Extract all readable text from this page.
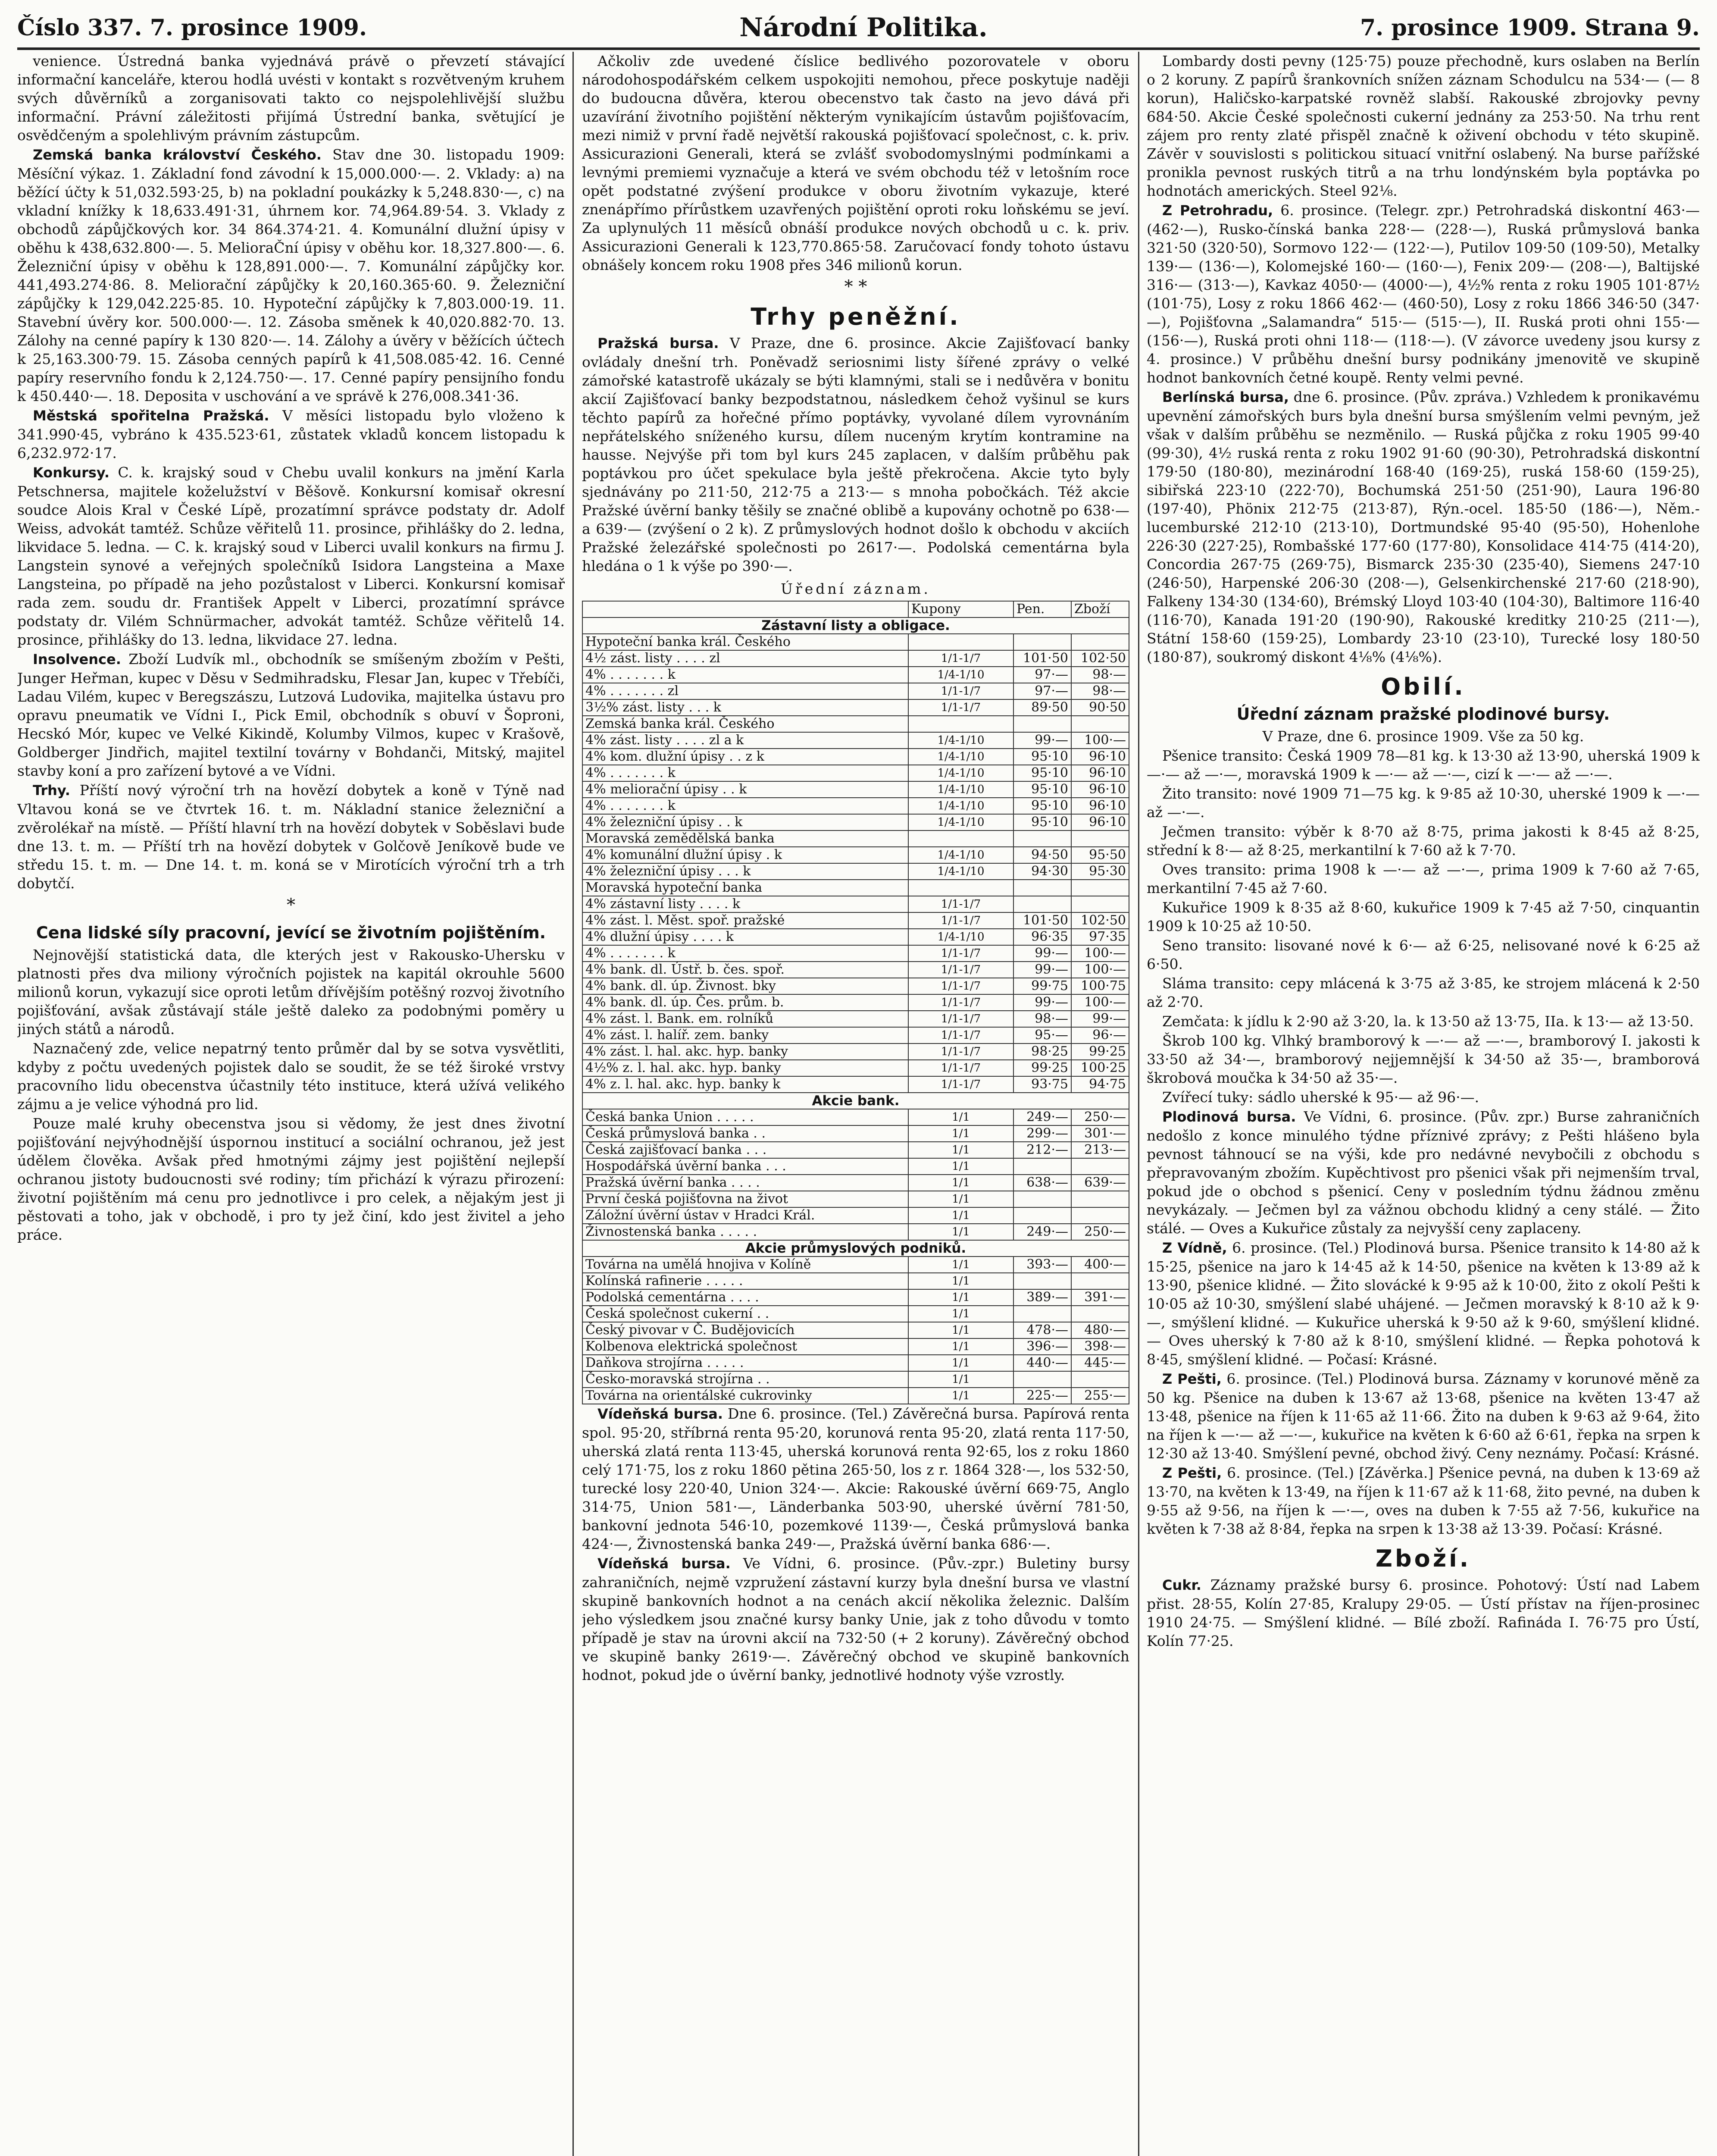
Číslo 337. 7. prosince 1909.	Národní Politika.	7. prosince 1909. Strana 9.

venience. Ústredná banka vyjednává právě o převzetí stávající informační kanceláře, kterou hodlá uvésti v kontakt s rozvětveným kruhem svých důvěrníků a zorganisovati takto co nejspolehlivější službu informační. Právní záležitosti přijímá Ústrední banka, světující je osvědčeným a spolehlivým právním zástupcům.

Zemská banka království Českého. Stav dne 30. listopadu 1909: Měsíční výkaz. 1. Základní fond závodní k 15,000.000·—. 2. Vklady: a) na běžící účty k 51,032.593·25, b) na pokladní poukázky k 5,248.830·—, c) na vkladní knížky k 18,633.491·31, úhrnem kor. 74,964.89·54. 3. Vklady z obchodů zápůjčkových kor. 34 864.374·21. 4. Komunální dlužní úpisy v oběhu k 438,632.800·—. 5. MelioraČní úpisy v oběhu kor. 18,327.800·—. 6. Železniční úpisy v oběhu k 128,891.000·—. 7. Komunální zápůjčky kor. 441,493.274·86. 8. Meliorační zápůjčky k 20,160.365·60. 9. Železniční zápůjčky k 129,042.225·85. 10. Hypoteční zápůjčky k 7,803.000·19. 11. Stavební úvěry kor. 500.000·—. 12. Zásoba směnek k 40,020.882·70. 13. Zálohy na cenné papíry k 130 820·—. 14. Zálohy a úvěry v běžících účtech k 25,163.300·79. 15. Zásoba cenných papírů k 41,508.085·42. 16. Cenné papíry reservního fondu k 2,124.750·—. 17. Cenné papíry pensijního fondu k 450.440·—. 18. Deposita v uschování a ve správě k 276,008.341·36.

Městská spořitelna Pražská. V měsíci listopadu bylo vloženo k 341.990·45, vybráno k 435.523·61, zůstatek vkladů koncem listopadu k 6,232.972·17.

Konkursy. C. k. krajský soud v Chebu uvalil konkurs na jmění Karla Petschnersa, majitele koželužství v Běšově. Konkursní komisař okresní soudce Alois Kral v České Lípě, prozatímní správce podstaty dr. Adolf Weiss, advokát tamtéž. Schůze věřitelů 11. prosince, přihlášky do 2. ledna, likvidace 5. ledna. — C. k. krajský soud v Liberci uvalil konkurs na firmu J. Langstein synové a veřejných společníků Isidora Langsteina a Maxe Langsteina, po případě na jeho pozůstalost v Liberci. Konkursní komisař rada zem. soudu dr. František Appelt v Liberci, prozatímní správce podstaty dr. Vilém Schnürmacher, advokát tamtéž. Schůze věřitelů 14. prosince, přihlášky do 13. ledna, likvidace 27. ledna.

Insolvence. Zboží Ludvík ml., obchodník se smíšeným zbožím v Pešti, Junger Heřman, kupec v Děsu v Sedmihradsku, Flesar Jan, kupec v Třebíči, Ladau Vilém, kupec v Beregszászu, Lutzová Ludovika, majitelka ústavu pro opravu pneumatik ve Vídni I., Pick Emil, obchodník s obuví v Šoproni, Hecskó Mór, kupec ve Velké Kikindě, Kolumby Vilmos, kupec v Krašově, Goldberger Jindřich, majitel textilní továrny v Bohdanči, Mitský, majitel stavby koní a pro zařízení bytové a ve Vídni.

Trhy. Příští nový výroční trh na hovězí dobytek a koně v Týně nad Vltavou koná se ve čtvrtek 16. t. m. Nákladní stanice železniční a zvěrolékař na místě. — Příští hlavní trh na hovězí dobytek v Soběslavi bude dne 13. t. m. — Příští trh na hovězí dobytek v Golčově Jeníkově bude ve středu 15. t. m. — Dne 14. t. m. koná se v Mirotících výroční trh a trh dobytčí.

*
Cena lidské síly pracovní, jevící se životním pojištěním.

Nejnovější statistická data, dle kterých jest v Rakousko-Uhersku v platnosti přes dva miliony výročních pojistek na kapitál okrouhle 5600 milionů korun, vykazují sice oproti letům dřívějším potěšný rozvoj životního pojišťování, avšak zůstávají stále ještě daleko za podobnými poměry u jiných států a národů.

Naznačený zde, velice nepatrný tento průměr dal by se sotva vysvětliti, kdyby z počtu uvedených pojistek dalo se soudit, že se též široké vrstvy pracovního lidu obecenstva účastnily této instituce, která užívá velikého zájmu a je velice výhodná pro lid.

Pouze malé kruhy obecenstva jsou si vědomy, že jest dnes životní pojišťování nejvýhodnější úspornou institucí a sociální ochranou, jež jest údělem člověka. Avšak před hmotnými zájmy jest pojištění nejlepší ochranou jistoty budoucnosti své rodiny; tím přichází k výrazu přirození: životní pojištěním má cenu pro jednotlivce i pro celek, a nějakým jest ji pěstovati a toho, jak v obchodě, i pro ty jež činí, kdo jest živitel a jeho práce.

Ačkoliv zde uvedené číslice bedlivého pozorovatele v oboru národohospodářském celkem uspokojiti nemohou, přece poskytuje naději do budoucna důvěra, kterou obecenstvo tak často na jevo dává při uzavírání životního pojištění některým vynikajícím ústavům pojišťovacím, mezi nimiž v první řadě největší rakouská pojišťovací společnost, c. k. priv. Assicurazioni Generali, která se zvlášť svobodomyslnými podmínkami a levnými premiemi vyznačuje a která ve svém obchodu též v letošním roce opět podstatné zvýšení produkce v oboru životním vykazuje, které znenápřímo přírůstkem uzavřených pojištění oproti roku loňskému se jeví. Za uplynulých 11 měsíců obnáší produkce nových obchodů u c. k. priv. Assicurazioni Generali k 123,770.865·58. Zaručovací fondy tohoto ústavu obnášely koncem roku 1908 přes 346 milionů korun.

* *
Trhy peněžní.

Pražská bursa. V Praze, dne 6. prosince. Akcie Zajišťovací banky ovládaly dnešní trh. Poněvadž seriosnimi listy šířené zprávy o velké zámořské katastrofě ukázaly se býti klamnými, stali se i nedůvěra v bonitu akcií Zajišťovací banky bezpodstatnou, následkem čehož vyšinul se kurs těchto papírů za hořečné přímo poptávky, vyvolané dílem vyrovnáním nepřátelského sníženého kursu, dílem nuceným krytím kontramine na hausse. Nejvýše při tom byl kurs 245 zaplacen, v dalším průběhu pak poptávkou pro účet spekulace byla ještě překročena. Akcie tyto byly sjednávány po 211·50, 212·75 a 213·— s mnoha pobočkách. Též akcie Pražské úvěrní banky těšily se značné oblibě a kupovány ochotně po 638·— a 639·— (zvýšení o 2 k). Z průmyslových hodnot došlo k obchodu v akciích Pražské železářské společnosti po 2617·—. Podolská cementárna byla hledána o 1 k výše po 390·—.

Úřední záznam.
	Kupony	Pen.	Zboží
Zástavní listy a obligace.			
Hypoteční banka král. Českého			
4½ zást. listy . . . . zl	1/1-1/7	101·50	102·50
4% . . . . . . . k	1/4-1/10	97·—	98·—
4% . . . . . . . zl	1/1-1/7	97·—	98·—
3½% zást. listy . . . k	1/1-1/7	89·50	90·50
Zemská banka král. Českého			
4% zást. listy . . . . zl a k	1/4-1/10	99·—	100·—
4% kom. dlužní úpisy . . z k	1/4-1/10	95·10	96·10
4% . . . . . . . k	1/4-1/10	95·10	96·10
4% meliorační úpisy . . k	1/4-1/10	95·10	96·10
4% . . . . . . . k	1/4-1/10	95·10	96·10
4% železniční úpisy . . k	1/4-1/10	95·10	96·10
Moravská zemědělská banka			
4% komunální dlužní úpisy . k	1/4-1/10	94·50	95·50
4% železniční úpisy . . . k	1/4-1/10	94·30	95·30
Moravská hypoteční banka			
4% zástavní listy . . . . k	1/1-1/7		
4% zást. l. Měst. spoř. pražské	1/1-1/7	101·50	102·50
4% dlužní úpisy . . . . k	1/4-1/10	96·35	97·35
4% . . . . . . . k	1/1-1/7	99·—	100·—
4% bank. dl. Ústř. b. čes. spoř.	1/1-1/7	99·—	100·—
4% bank. dl. úp. Živnost. bky	1/1-1/7	99·75	100·75
4% bank. dl. úp. Čes. prům. b.	1/1-1/7	99·—	100·—
4% zást. l. Bank. em. rolníků	1/1-1/7	98·—	99·—
4% zást. l. halíř. zem. banky	1/1-1/7	95·—	96·—
4% zást. l. hal. akc. hyp. banky	1/1-1/7	98·25	99·25
4½% z. l. hal. akc. hyp. banky	1/1-1/7	99·25	100·25
4% z. l. hal. akc. hyp. banky k	1/1-1/7	93·75	94·75
Akcie bank.			
Česká banka Union . . . . .	1/1	249·—	250·—
Česká průmyslová banka . .	1/1	299·—	301·—
Česká zajišťovací banka . . .	1/1	212·—	213·—
Hospodářská úvěrní banka . . .	1/1		
Pražská úvěrní banka . . . .	1/1	638·—	639·—
První česká pojišťovna na život	1/1		
Záložní úvěrní ústav v Hradci Král.	1/1		
Živnostenská banka . . . . .	1/1	249·—	250·—
Akcie průmyslových podniků.			
Továrna na umělá hnojiva v Kolíně	1/1	393·—	400·—
Kolínská rafinerie . . . . .	1/1		
Podolská cementárna . . . .	1/1	389·—	391·—
Česká společnost cukerní . .	1/1		
Český pivovar v Č. Budějovicích	1/1	478·—	480·—
Kolbenova elektrická společnost	1/1	396·—	398·—
Daňkova strojírna . . . . .	1/1	440·—	445·—
Česko-moravská strojírna . .	1/1		
Továrna na orientálské cukrovinky	1/1	225·—	255·—

Vídeňská bursa. Dne 6. prosince. (Tel.) Závěrečná bursa. Papírová renta spol. 95·20, stříbrná renta 95·20, korunová renta 95·20, zlatá renta 117·50, uherská zlatá renta 113·45, uherská korunová renta 92·65, los z roku 1860 celý 171·75, los z roku 1860 pětina 265·50, los z r. 1864 328·—, los 532·50, turecké losy 220·40, Union 324·—. Akcie: Rakouské úvěrní 669·75, Anglo 314·75, Union 581·—, Länderbanka 503·90, uherské úvěrní 781·50, bankovní jednota 546·10, pozemkové 1139·—, Česká průmyslová banka 424·—, Živnostenská banka 249·—, Pražská úvěrní banka 686·—.

Vídeňská bursa. Ve Vídni, 6. prosince. (Pův.-zpr.) Buletiny bursy zahraničních, nejmě vzpružení zástavní kurzy byla dnešní bursa ve vlastní skupině bankovních hodnot a na cenách akcií několika železnic. Dalším jeho výsledkem jsou značné kursy banky Unie, jak z toho důvodu v tomto případě je stav na úrovni akcií na 732·50 (+ 2 koruny). Závěrečný obchod ve skupině banky 2619·—. Závěrečný obchod ve skupině bankovních hodnot, pokud jde o úvěrní banky, jednotlivé hodnoty výše vzrostly.

Lombardy dosti pevny (125·75) pouze přechodně, kurs oslaben na Berlín o 2 koruny. Z papírů šrankovních snížen záznam Schodulcu na 534·— (— 8 korun), Haličsko-karpatské rovněž slabší. Rakouské zbrojovky pevny 684·50. Akcie České společnosti cukerní jednány za 253·50. Na trhu rent zájem pro renty zlaté přispěl značně k oživení obchodu v této skupině. Závěr v souvislosti s politickou situací vnitřní oslabený. Na burse pařížské pronikla pevnost ruských titrů a na trhu londýnském byla poptávka po hodnotách amerických. Steel 92⅛.

Z Petrohradu, 6. prosince. (Telegr. zpr.) Petrohradská diskontní 463·— (462·—), Rusko-čínská banka 228·— (228·—), Ruská průmyslová banka 321·50 (320·50), Sormovo 122·— (122·—), Putilov 109·50 (109·50), Metalky 139·— (136·—), Kolomejské 160·— (160·—), Fenix 209·— (208·—), Baltijské 316·— (313·—), Kavkaz 4050·— (4000·—), 4½% renta z roku 1905 101·87½ (101·75), Losy z roku 1866 462·— (460·50), Losy z roku 1866 346·50 (347·—), Pojišťovna „Salamandra“ 515·— (515·—), II. Ruská proti ohni 155·— (156·—), Ruská proti ohni 118·— (118·—). (V závorce uvedeny jsou kursy z 4. prosince.) V průběhu dnešní bursy podnikány jmenovitě ve skupině hodnot bankovních četné koupě. Renty velmi pevné.

Berlínská bursa, dne 6. prosince. (Pův. zpráva.) Vzhledem k pronikavému upevnění zámořských burs byla dnešní bursa smýšlením velmi pevným, jež však v dalším průběhu se nezměnilo. — Ruská půjčka z roku 1905 99·40 (99·30), 4½ ruská renta z roku 1902 91·60 (90·30), Petrohradská diskontní 179·50 (180·80), mezinárodní 168·40 (169·25), ruská 158·60 (159·25), sibiřská 223·10 (222·70), Bochumská 251·50 (251·90), Laura 196·80 (197·40), Phönix 212·75 (213·87), Rýn.-ocel. 185·50 (186·—), Něm.-lucemburské 212·10 (213·10), Dortmundské 95·40 (95·50), Hohenlohe 226·30 (227·25), Rombašské 177·60 (177·80), Konsolidace 414·75 (414·20), Concordia 267·75 (269·75), Bismarck 235·30 (235·40), Siemens 247·10 (246·50), Harpenské 206·30 (208·—), Gelsenkirchenské 217·60 (218·90), Falkeny 134·30 (134·60), Brémský Lloyd 103·40 (104·30), Baltimore 116·40 (116·70), Kanada 191·20 (190·90), Rakouské kreditky 210·25 (211·—), Státní 158·60 (159·25), Lombardy 23·10 (23·10), Turecké losy 180·50 (180·87), soukromý diskont 4⅛% (4⅛%).

Obilí.
Úřední záznam pražské plodinové bursy.

V Praze, dne 6. prosince 1909. Vše za 50 kg.

Pšenice transito: Česká 1909 78—81 kg. k 13·30 až 13·90, uherská 1909 k —·— až —·—, moravská 1909 k —·— až —·—, cizí k —·— až —·—.

Žito transito: nové 1909 71—75 kg. k 9·85 až 10·30, uherské 1909 k —·— až —·—.

Ječmen transito: výběr k 8·70 až 8·75, prima jakosti k 8·45 až 8·25, střední k 8·— až 8·25, merkantilní k 7·60 až k 7·70.

Oves transito: prima 1908 k —·— až —·—, prima 1909 k 7·60 až 7·65, merkantilní 7·45 až 7·60.

Kukuřice 1909 k 8·35 až 8·60, kukuřice 1909 k 7·45 až 7·50, cinquantin 1909 k 10·25 až 10·50.

Seno transito: lisované nové k 6·— až 6·25, nelisované nové k 6·25 až 6·50.

Sláma transito: cepy mlácená k 3·75 až 3·85, ke strojem mlácená k 2·50 až 2·70.

Zemčata: k jídlu k 2·90 až 3·20, la. k 13·50 až 13·75, IIa. k 13·— až 13·50.

Škrob 100 kg. Vlhký bramborový k —·— až —·—, bramborový I. jakosti k 33·50 až 34·—, bramborový nejjemnější k 34·50 až 35·—, bramborová škrobová moučka k 34·50 až 35·—.

Zvířecí tuky: sádlo uherské k 95·— až 96·—.

Plodinová bursa. Ve Vídni, 6. prosince. (Pův. zpr.) Burse zahraničních nedošlo z konce minulého týdne příznivé zprávy; z Pešti hlášeno byla pevnost táhnoucí se na výši, kde pro nedávné nevybočili z obchodu s přepravovaným zbožím. Kupěchtivost pro pšenici však při nejmenším trval, pokud jde o obchod s pšenicí. Ceny v posledním týdnu žádnou změnu nevykázaly. — Ječmen byl za vážnou obchodu klidný a ceny stálé. — Žito stálé. — Oves a Kukuřice zůstaly za nejvyšší ceny zaplaceny.

Z Vídně, 6. prosince. (Tel.) Plodinová bursa. Pšenice transito k 14·80 až k 15·25, pšenice na jaro k 14·45 až k 14·50, pšenice na květen k 13·89 až k 13·90, pšenice klidné. — Žito slovácké k 9·95 až k 10·00, žito z okolí Pešti k 10·05 až 10·30, smýšlení slabé uhájené. — Ječmen moravský k 8·10 až k 9·—, smýšlení klidné. — Kukuřice uherská k 9·50 až k 9·60, smýšlení klidné. — Oves uherský k 7·80 až k 8·10, smýšlení klidné. — Řepka pohotová k 8·45, smýšlení klidné. — Počasí: Krásné.

Z Pešti, 6. prosince. (Tel.) Plodinová bursa. Záznamy v korunové měně za 50 kg. Pšenice na duben k 13·67 až 13·68, pšenice na květen 13·47 až 13·48, pšenice na říjen k 11·65 až 11·66. Žito na duben k 9·63 až 9·64, žito na říjen k —·— až —·—, kukuřice na květen k 6·60 až 6·61, řepka na srpen k 12·30 až 13·40. Smýšlení pevné, obchod živý. Ceny neznámy. Počasí: Krásné.

Z Pešti, 6. prosince. (Tel.) [Závěrka.] Pšenice pevná, na duben k 13·69 až 13·70, na květen k 13·49, na říjen k 11·67 až k 11·68, žito pevné, na duben k 9·55 až 9·56, na říjen k —·—, oves na duben k 7·55 až 7·56, kukuřice na květen k 7·38 až 8·84, řepka na srpen k 13·38 až 13·39. Počasí: Krásné.

Zboží.

Cukr. Záznamy pražské bursy 6. prosince. Pohotový: Ústí nad Labem přist. 28·55, Kolín 27·85, Kralupy 29·05. — Ústí přístav na říjen-prosinec 1910 24·75. — Smýšlení klidné. — Bílé zboží. Rafináda I. 76·75 pro Ústí, Kolín 77·25.
